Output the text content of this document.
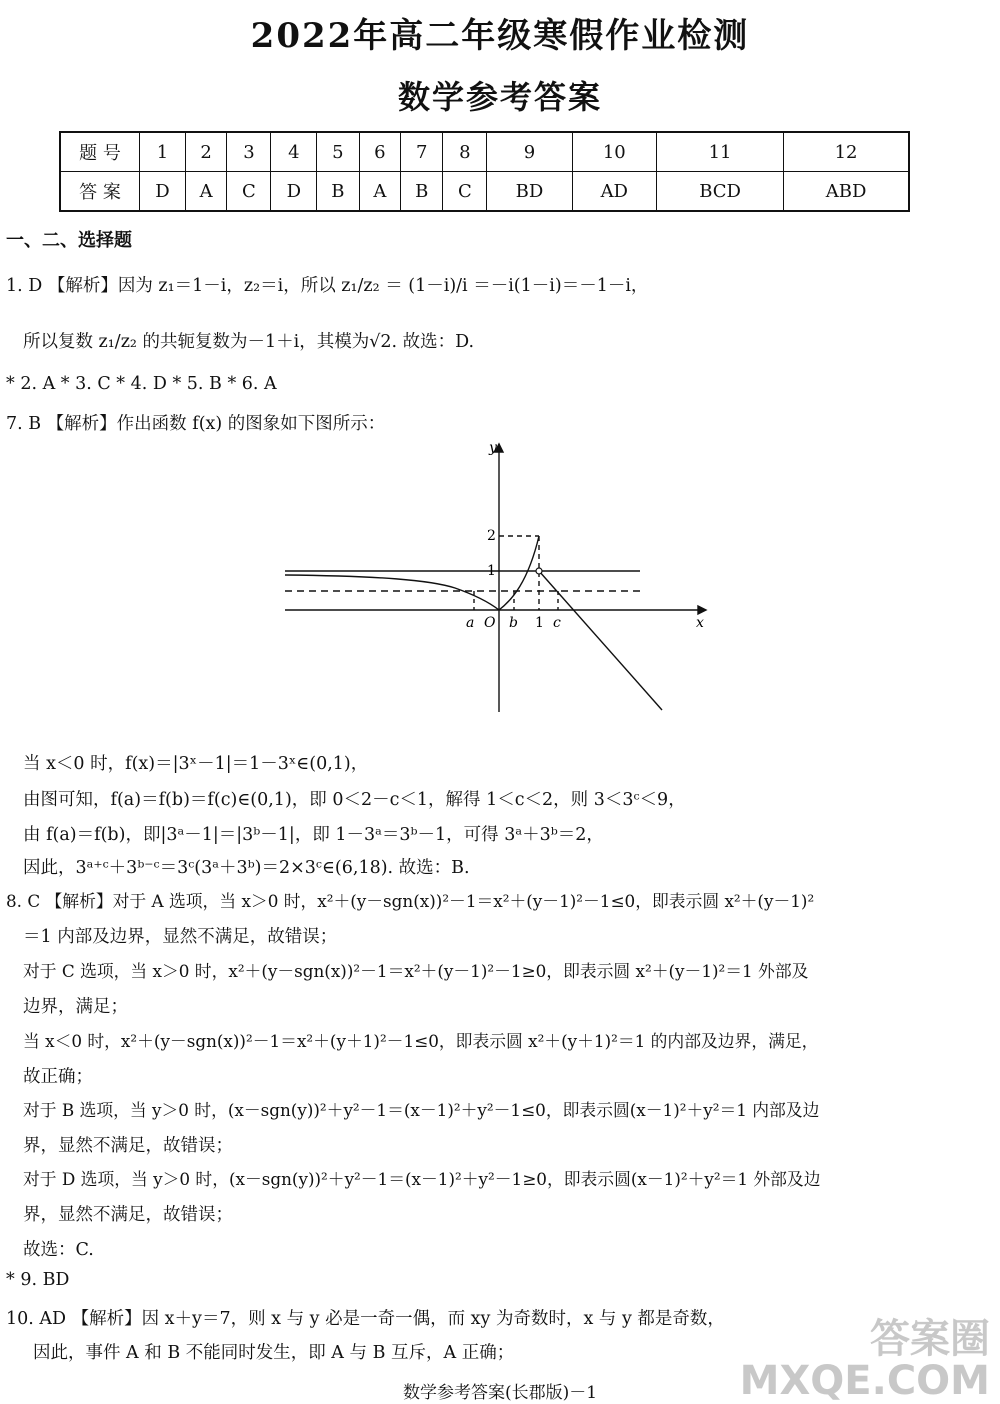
2022年高二年级寒假作业检测
数学参考答案
题 号	1	2	3	4	5	6	7	8	9	10	11	12
答 案	D	A	C	D	B	A	B	C	BD	AD	BCD	ABD
一、二、选择题
1. D 【解析】因为 z₁＝1－i，z₂＝i，所以 z₁/z₂ ＝ (1－i)/i ＝－i(1－i)＝－1－i，
所以复数 z₁/z₂ 的共轭复数为－1＋i，其模为√2. 故选：D.
* 2. A * 3. C * 4. D * 5. B * 6. A
7. B 【解析】作出函数 f(x) 的图象如下图所示：
y
x
2
1
a O b 1 c
当 x＜0 时，f(x)＝|3ˣ－1|＝1－3ˣ∈(0,1)，
由图可知，f(a)＝f(b)＝f(c)∈(0,1)，即 0＜2－c＜1，解得 1＜c＜2，则 3＜3ᶜ＜9，
由 f(a)＝f(b)，即|3ᵃ－1|＝|3ᵇ－1|，即 1－3ᵃ＝3ᵇ－1，可得 3ᵃ＋3ᵇ＝2，
因此，3ᵃ⁺ᶜ＋3ᵇ⁻ᶜ＝3ᶜ(3ᵃ＋3ᵇ)＝2×3ᶜ∈(6,18). 故选：B.
8. C 【解析】对于 A 选项，当 x＞0 时，x²＋(y－sgn(x))²－1＝x²＋(y－1)²－1≤0，即表示圆 x²＋(y－1)²
＝1 内部及边界，显然不满足，故错误；
对于 C 选项，当 x＞0 时，x²＋(y－sgn(x))²－1＝x²＋(y－1)²－1≥0，即表示圆 x²＋(y－1)²＝1 外部及
边界，满足；
当 x＜0 时，x²＋(y－sgn(x))²－1＝x²＋(y＋1)²－1≤0，即表示圆 x²＋(y＋1)²＝1 的内部及边界，满足，
故正确；
对于 B 选项，当 y＞0 时，(x－sgn(y))²＋y²－1＝(x－1)²＋y²－1≤0，即表示圆(x－1)²＋y²＝1 内部及边
界，显然不满足，故错误；
对于 D 选项，当 y＞0 时，(x－sgn(y))²＋y²－1＝(x－1)²＋y²－1≥0，即表示圆(x－1)²＋y²＝1 外部及边
界，显然不满足，故错误；
故选：C.
* 9. BD
10. AD 【解析】因 x＋y＝7，则 x 与 y 必是一奇一偶，而 xy 为奇数时，x 与 y 都是奇数，
因此，事件 A 和 B 不能同时发生，即 A 与 B 互斥，A 正确；	答案圈
MXQE.COM
数学参考答案(长郡版)－1
